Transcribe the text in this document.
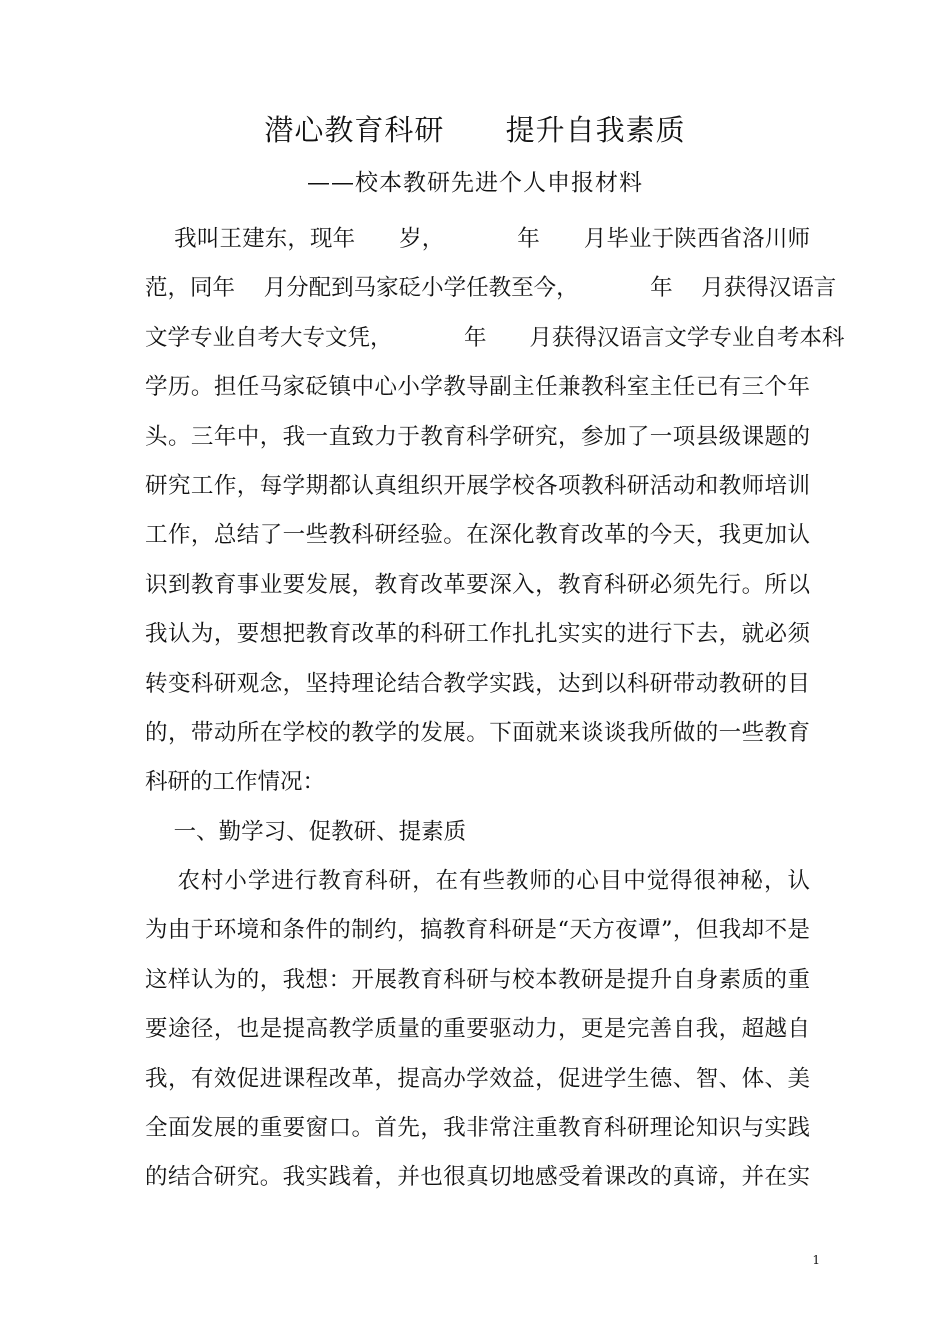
潜心教育科研      提升自我素质
——校本教研先进个人申报材料
我叫王建东，现年      岁，          年      月毕业于陕西省洛川师
范，同年    月分配到马家砭小学任教至今，          年    月获得汉语言
文学专业自考大专文凭，          年      月获得汉语言文学专业自考本科
学历。担任马家砭镇中心小学教导副主任兼教科室主任已有三个年
头。三年中，我一直致力于教育科学研究，参加了一项县级课题的
研究工作，每学期都认真组织开展学校各项教科研活动和教师培训
工作，总结了一些教科研经验。在深化教育改革的今天，我更加认
识到教育事业要发展，教育改革要深入，教育科研必须先行。所以
我认为，要想把教育改革的科研工作扎扎实实的进行下去，就必须
转变科研观念，坚持理论结合教学实践，达到以科研带动教研的目
的，带动所在学校的教学的发展。下面就来谈谈我所做的一些教育
科研的工作情况：
一、勤学习、促教研、提素质
农村小学进行教育科研，在有些教师的心目中觉得很神秘，认
为由于环境和条件的制约，搞教育科研是“天方夜谭”，但我却不是
这样认为的，我想：开展教育科研与校本教研是提升自身素质的重
要途径，也是提高教学质量的重要驱动力，更是完善自我，超越自
我，有效促进课程改革，提高办学效益，促进学生德、智、体、美
全面发展的重要窗口。首先，我非常注重教育科研理论知识与实践
的结合研究。我实践着，并也很真切地感受着课改的真谛，并在实
1
